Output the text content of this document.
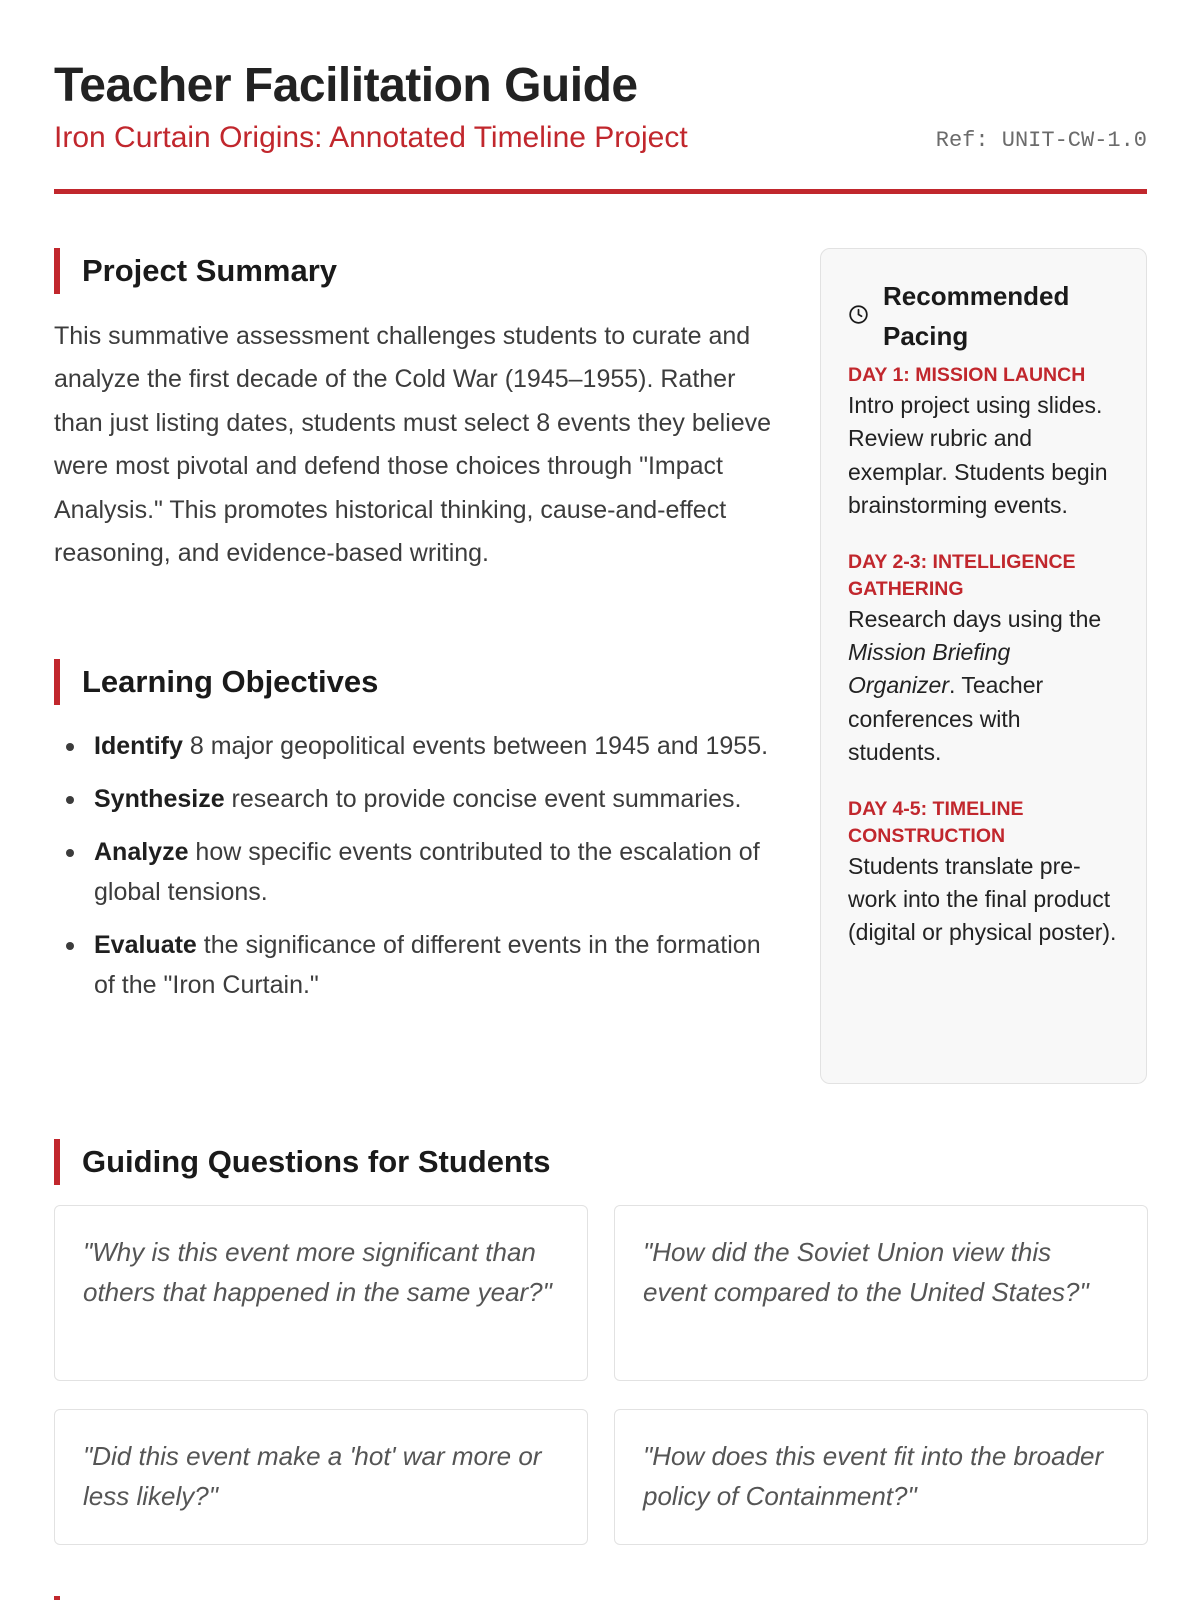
Teacher Facilitation Guide
Iron Curtain Origins: Annotated Timeline Project	Ref: UNIT-CW-1.0
Project Summary

This summative assessment challenges students to curate and analyze the first decade of the Cold War (1945–1955). Rather than just listing dates, students must select 8 events they believe were most pivotal and defend those choices through "Impact Analysis." This promotes historical thinking, cause-and-effect reasoning, and evidence-based writing.

Learning Objectives
Identify 8 major geopolitical events between 1945 and 1955.
Synthesize research to provide concise event summaries.
Analyze how specific events contributed to the escalation of global tensions.
Evaluate the significance of different events in the formation of the "Iron Curtain."
Recommended Pacing
DAY 1: MISSION LAUNCH
Intro project using slides. Review rubric and exemplar. Students begin brainstorming events.
DAY 2-3: INTELLIGENCE GATHERING
Research days using the Mission Briefing Organizer. Teacher conferences with students.
DAY 4-5: TIMELINE CONSTRUCTION
Students translate pre-work into the final product (digital or physical poster).
Guiding Questions for Students
"Why is this event more significant than others that happened in the same year?"
"How did the Soviet Union view this event compared to the United States?"
"Did this event make a 'hot' war more or less likely?"
"How does this event fit into the broader policy of Containment?"
